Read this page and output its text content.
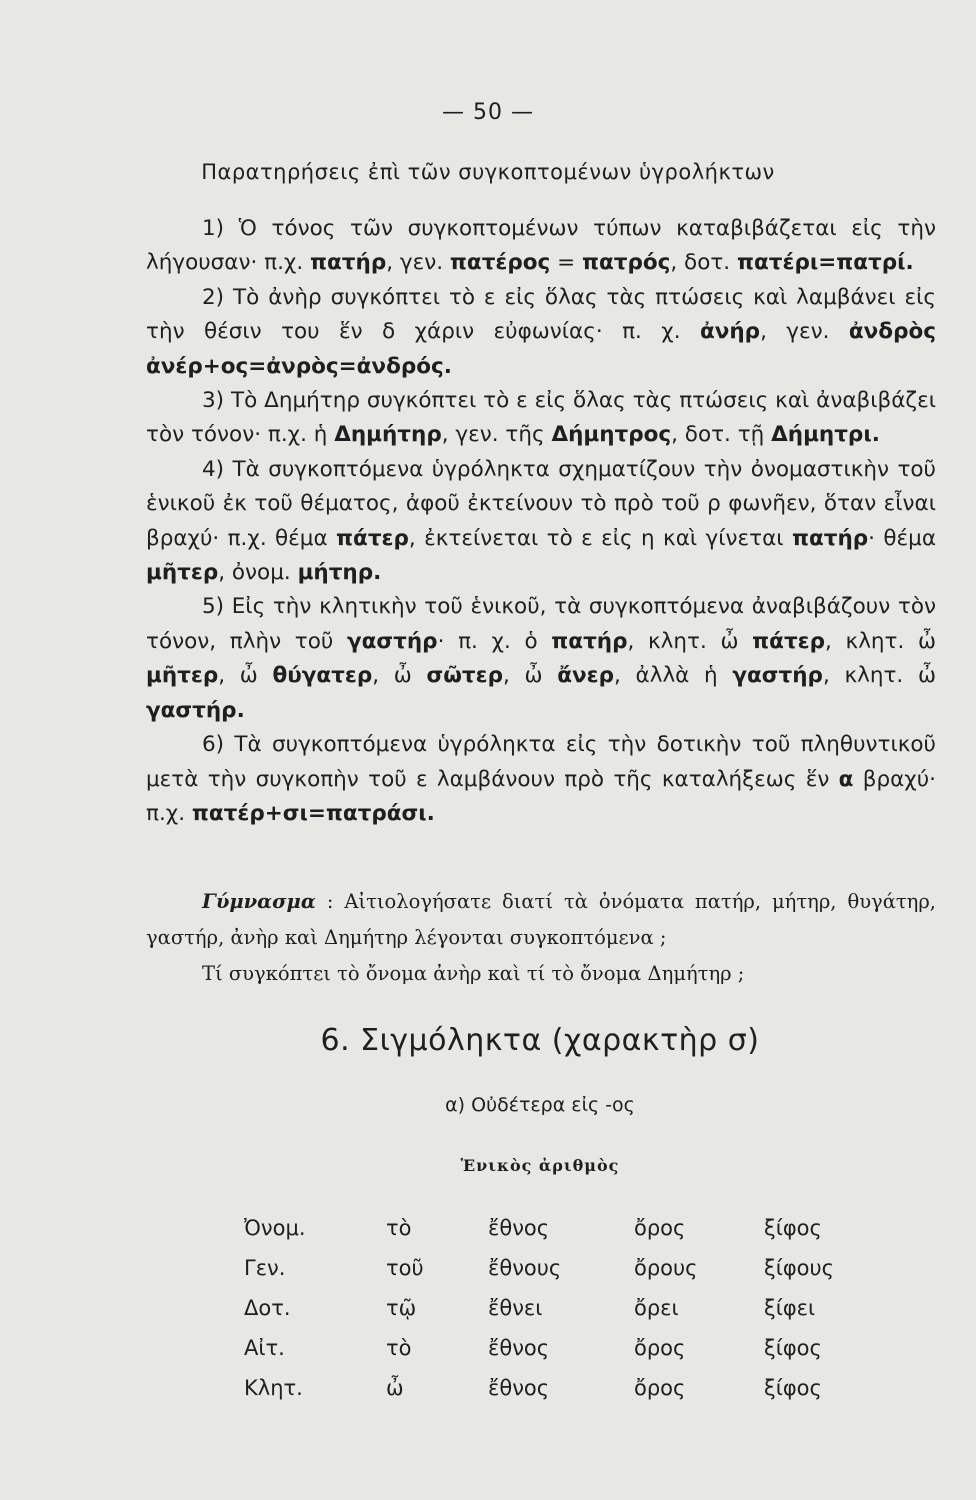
— 50 —
Παρατηρήσεις ἐπὶ τῶν συγκοπτομένων ὑγρολήκτων

1) Ὁ τόνος τῶν συγκοπτομένων τύπων καταβιβάζεται εἰς τὴν λήγουσαν· π.χ. πατήρ, γεν. πατέρος = πατρός, δοτ. πατέρι=πατρί.

2) Τὸ ἀνὴρ συγκόπτει τὸ ε εἰς ὅλας τὰς πτώσεις καὶ λαμβάνει εἰς τὴν θέσιν του ἕν δ χάριν εὐφωνίας· π. χ. ἀνήρ, γεν. ἀνδρὸς ἀνέρ+ος=ἀνρὸς=ἀνδρός.

3) Τὸ Δημήτηρ συγκόπτει τὸ ε εἰς ὅλας τὰς πτώσεις καὶ ἀναβιβάζει τὸν τόνον· π.χ. ἡ Δημήτηρ, γεν. τῆς Δήμητρος, δοτ. τῇ Δήμητρι.

4) Τὰ συγκοπτόμενα ὑγρόληκτα σχηματίζουν τὴν ὀνομαστικὴν τοῦ ἑνικοῦ ἐκ τοῦ θέματος, ἀφοῦ ἐκτείνουν τὸ πρὸ τοῦ ρ φωνῆεν, ὅταν εἶναι βραχύ· π.χ. θέμα πάτερ, ἐκτείνεται τὸ ε εἰς η καὶ γίνεται πατήρ· θέμα μῆτερ, ὀνομ. μήτηρ.

5) Εἰς τὴν κλητικὴν τοῦ ἑνικοῦ, τὰ συγκοπτόμενα ἀναβιβάζουν τὸν τόνον, πλὴν τοῦ γαστήρ· π. χ. ὁ πατήρ, κλητ. ὦ πάτερ, κλητ. ὦ μῆτερ, ὦ θύγατερ, ὦ σῶτερ, ὦ ἄνερ, ἀλλὰ ἡ γαστήρ, κλητ. ὦ γαστήρ.

6) Τὰ συγκοπτόμενα ὑγρόληκτα εἰς τὴν δοτικὴν τοῦ πληθυντικοῦ μετὰ τὴν συγκοπὴν τοῦ ε λαμβάνουν πρὸ τῆς καταλήξεως ἕν α βραχύ· π.χ. πατέρ+σι=πατράσι.

Γύμνασμα : Αἰτιολογήσατε διατί τὰ ὀνόματα πατήρ, μήτηρ, θυγάτηρ, γαστήρ, ἀνὴρ καὶ Δημήτηρ λέγονται συγκοπτόμενα ;

Τί συγκόπτει τὸ ὄνομα ἀνὴρ καὶ τί τὸ ὄνομα Δημήτηρ ;

6. Σιγμόληκτα (χαρακτὴρ σ)
α) Οὐδέτερα εἰς -ος
Ἑνικὸς ἀριθμὸς
Ὀνομ.	τὸ	ἔθνος	ὄρος	ξίφος
Γεν.	τοῦ	ἔθνους	ὄρους	ξίφους
Δοτ.	τῷ	ἔθνει	ὄρει	ξίφει
Αἰτ.	τὸ	ἔθνος	ὄρος	ξίφος
Κλητ.	ὦ	ἔθνος	ὄρος	ξίφος
